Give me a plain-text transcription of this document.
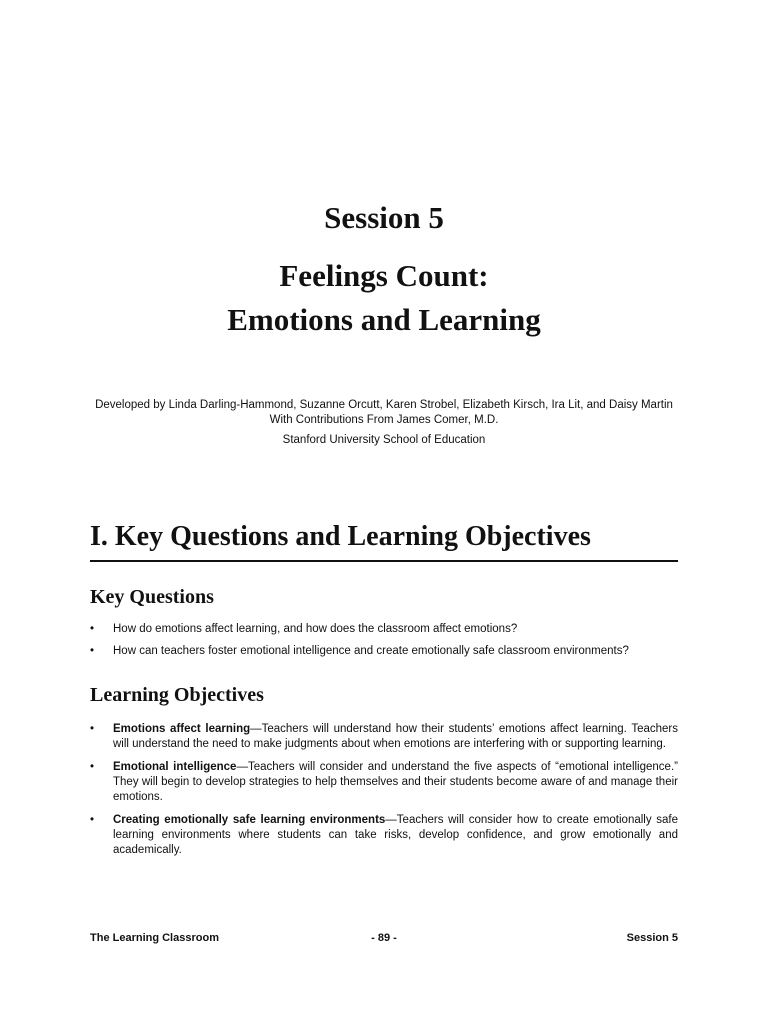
Session 5
Feelings Count:
Emotions and Learning
Developed by Linda Darling-Hammond, Suzanne Orcutt, Karen Strobel, Elizabeth Kirsch, Ira Lit, and Daisy Martin
With Contributions From James Comer, M.D.
Stanford University School of Education
I. Key Questions and Learning Objectives
Key Questions
• How do emotions affect learning, and how does the classroom affect emotions?
• How can teachers foster emotional intelligence and create emotionally safe classroom environments?
Learning Objectives
• Emotions affect learning—Teachers will understand how their students’ emotions affect learning. Teachers will understand the need to make judgments about when emotions are interfering with or supporting learning.
• Emotional intelligence—Teachers will consider and understand the five aspects of “emotional intelligence.” They will begin to develop strategies to help themselves and their students become aware of and manage their emotions.
• Creating emotionally safe learning environments—Teachers will consider how to create emotionally safe learning environments where students can take risks, develop confidence, and grow emotionally and academically.
The Learning Classroom	- 89 -	Session 5
